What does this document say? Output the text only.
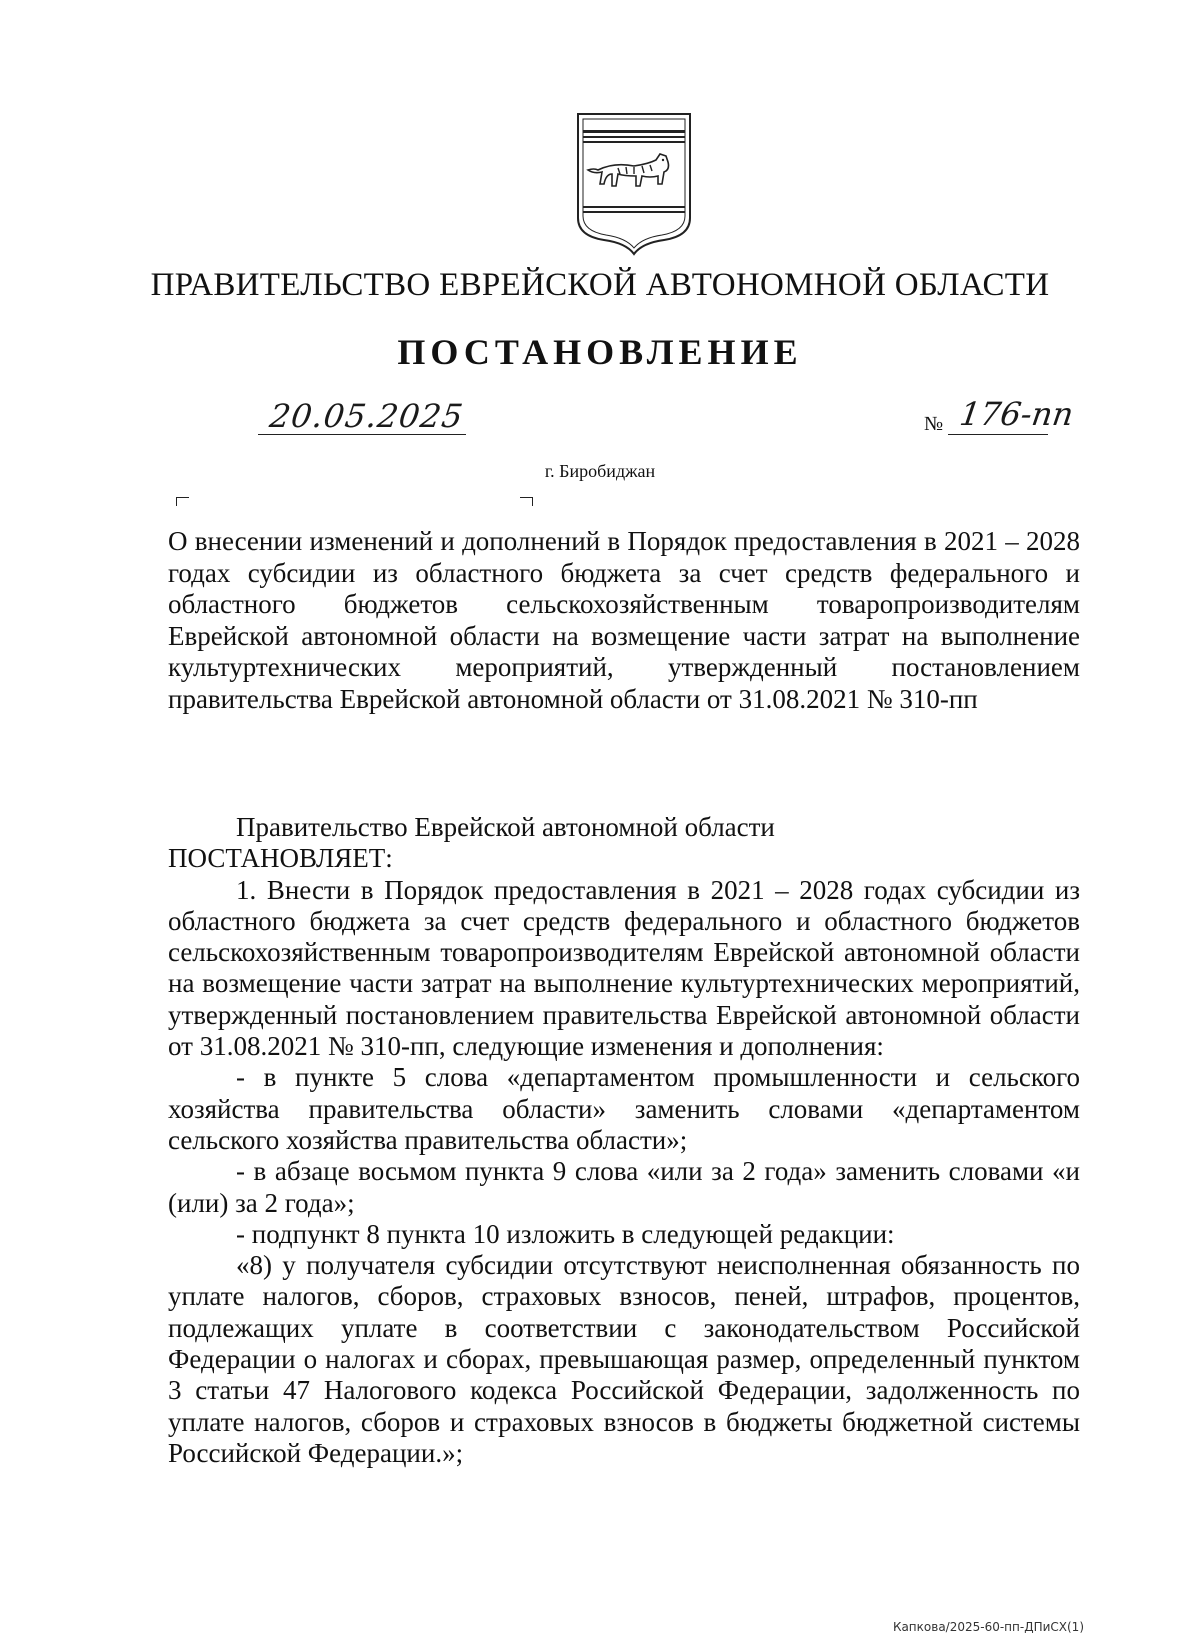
ПРАВИТЕЛЬСТВО ЕВРЕЙСКОЙ АВТОНОМНОЙ ОБЛАСТИ
ПОСТАНОВЛЕНИЕ
20.05.2025	№ 176-пп
г. Биробиджан
О внесении изменений и дополнений в Порядок предоставления в 2021 – 2028 годах субсидии из областного бюджета за счет средств федерального и областного бюджетов сельскохозяйственным товаропроизводителям Еврейской автономной области на возмещение части затрат на выполнение культуртехнических мероприятий, утвержденный постановлением правительства Еврейской автономной области от 31.08.2021 № 310-пп

Правительство Еврейской автономной области

ПОСТАНОВЛЯЕТ:

1. Внести в Порядок предоставления в 2021 – 2028 годах субсидии из областного бюджета за счет средств федерального и областного бюджетов сельскохозяйственным товаропроизводителям Еврейской автономной области на возмещение части затрат на выполнение культуртехнических мероприятий, утвержденный постановлением правительства Еврейской автономной области от 31.08.2021 № 310-пп, следующие изменения и дополнения:

- в пункте 5 слова «департаментом промышленности и сельского хозяйства правительства области» заменить словами «департаментом сельского хозяйства правительства области»;

- в абзаце восьмом пункта 9 слова «или за 2 года» заменить словами «и (или) за 2 года»;

- подпункт 8 пункта 10 изложить в следующей редакции:

«8) у получателя субсидии отсутствуют неисполненная обязанность по уплате налогов, сборов, страховых взносов, пеней, штрафов, процентов, подлежащих уплате в соответствии с законодательством Российской Федерации о налогах и сборах, превышающая размер, определенный пунктом 3 статьи 47 Налогового кодекса Российской Федерации, задолженность по уплате налогов, сборов и страховых взносов в бюджеты бюджетной системы Российской Федерации.»;

Капкова/2025-60-пп-ДПиСХ(1)
